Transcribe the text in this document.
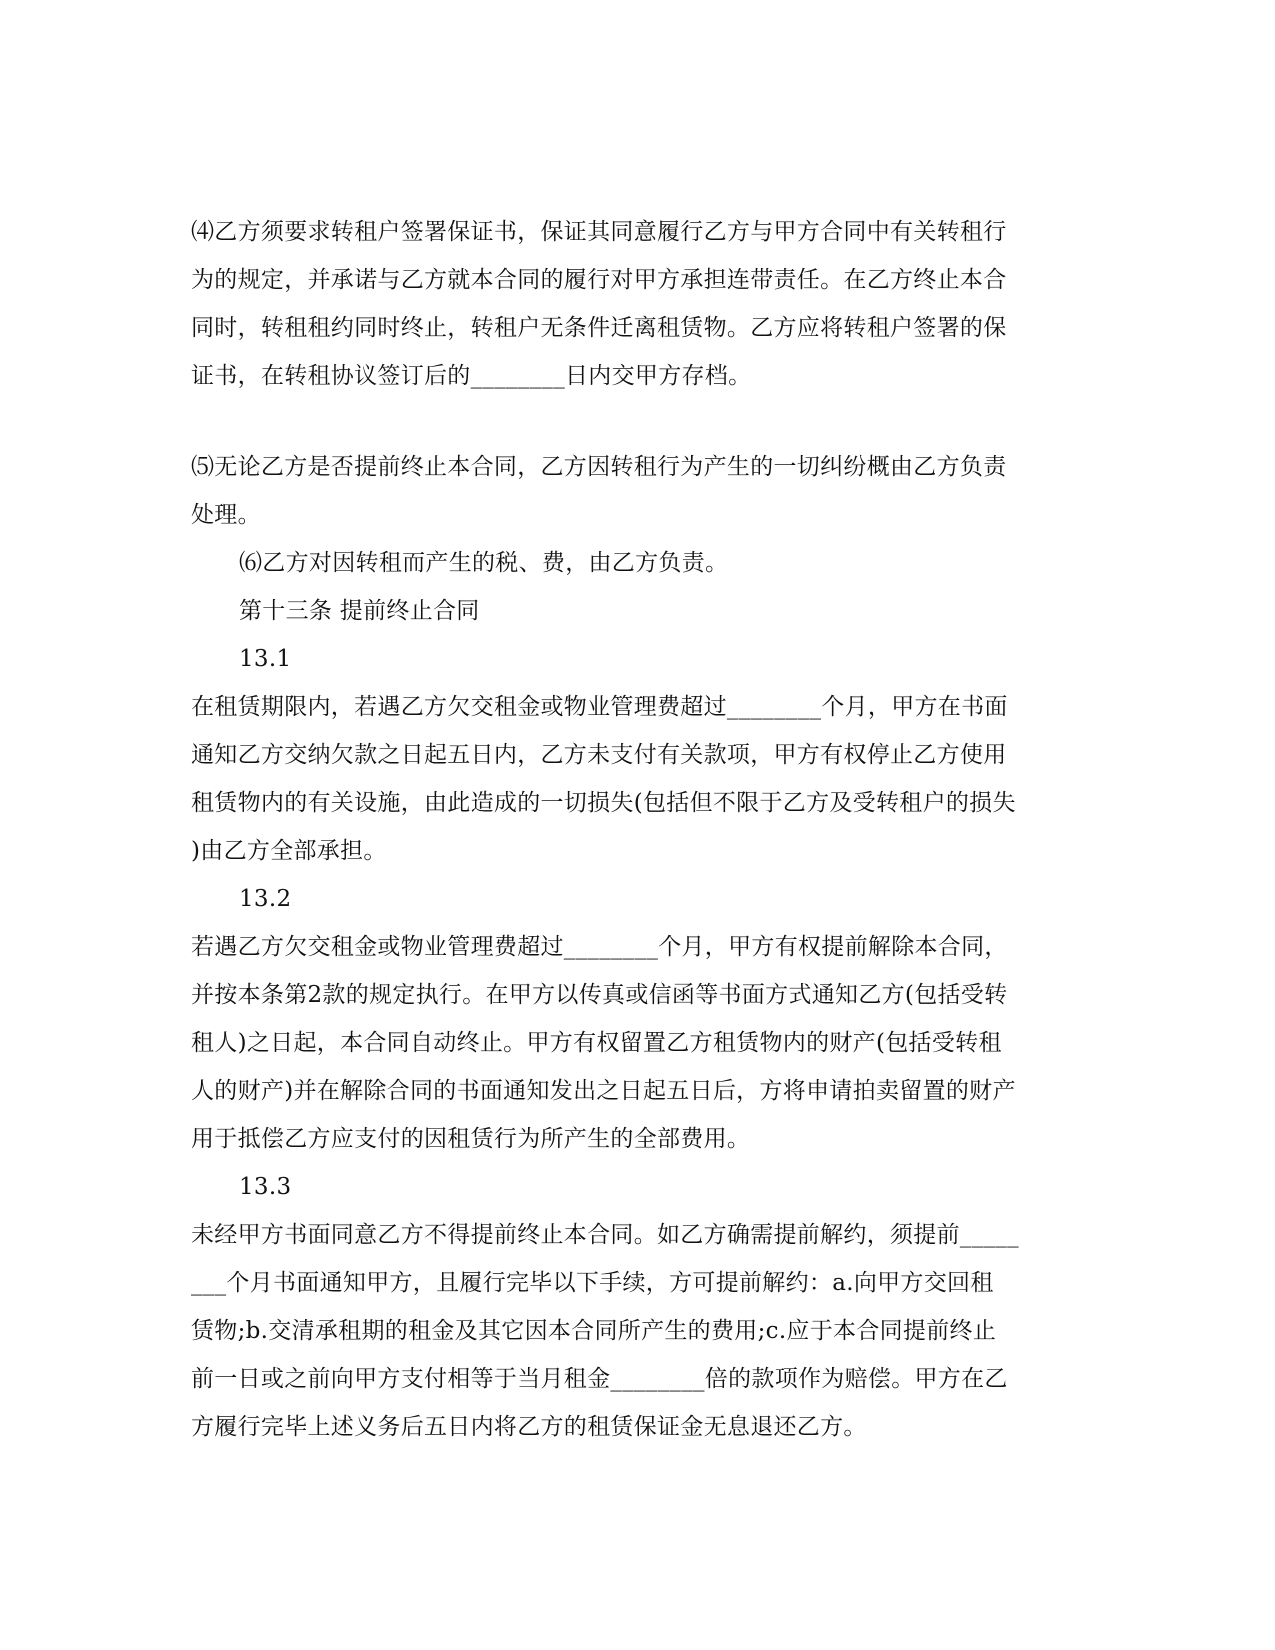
⑷乙方须要求转租户签署保证书，保证其同意履行乙方与甲方合同中有关转租行
为的规定，并承诺与乙方就本合同的履行对甲方承担连带责任。在乙方终止本合
同时，转租租约同时终止，转租户无条件迁离租赁物。乙方应将转租户签署的保
证书，在转租协议签订后的________日内交甲方存档。
⑸无论乙方是否提前终止本合同，乙方因转租行为产生的一切纠纷概由乙方负责
处理。
⑹乙方对因转租而产生的税、费，由乙方负责。
第十三条 提前终止合同
13.1
在租赁期限内，若遇乙方欠交租金或物业管理费超过________个月，甲方在书面
通知乙方交纳欠款之日起五日内，乙方未支付有关款项，甲方有权停止乙方使用
租赁物内的有关设施，由此造成的一切损失(包括但不限于乙方及受转租户的损失
)由乙方全部承担。
13.2
若遇乙方欠交租金或物业管理费超过________个月，甲方有权提前解除本合同，
并按本条第2款的规定执行。在甲方以传真或信函等书面方式通知乙方(包括受转
租人)之日起，本合同自动终止。甲方有权留置乙方租赁物内的财产(包括受转租
人的财产)并在解除合同的书面通知发出之日起五日后，方将申请拍卖留置的财产
用于抵偿乙方应支付的因租赁行为所产生的全部费用。
13.3
未经甲方书面同意乙方不得提前终止本合同。如乙方确需提前解约，须提前_____
___个月书面通知甲方，且履行完毕以下手续，方可提前解约：a.向甲方交回租
赁物;b.交清承租期的租金及其它因本合同所产生的费用;c.应于本合同提前终止
前一日或之前向甲方支付相等于当月租金________倍的款项作为赔偿。甲方在乙
方履行完毕上述义务后五日内将乙方的租赁保证金无息退还乙方。
